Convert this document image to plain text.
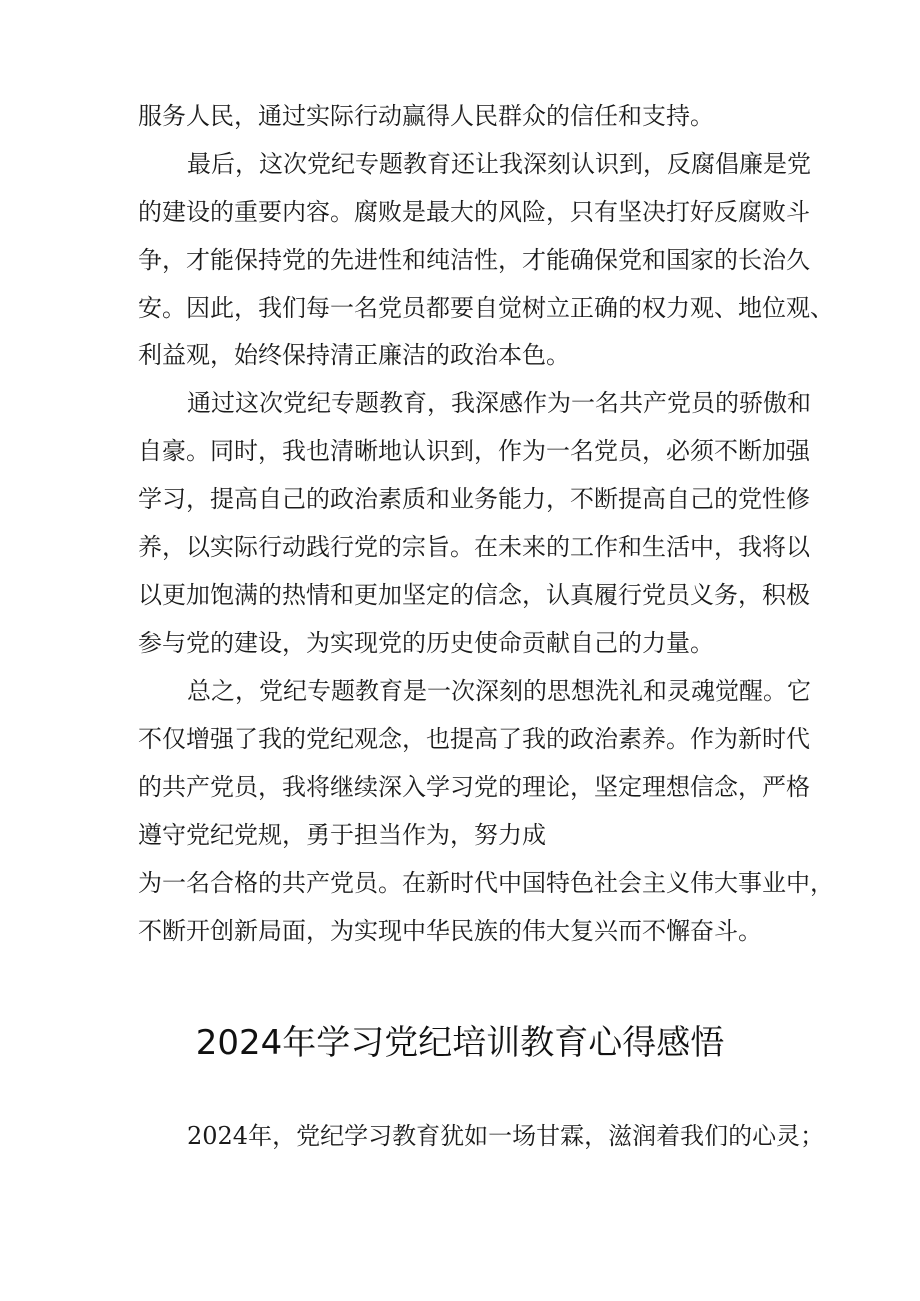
服务人民，通过实际行动赢得人民群众的信任和支持。

最后，这次党纪专题教育还让我深刻认识到，反腐倡廉是党

的建设的重要内容。腐败是最大的风险，只有坚决打好反腐败斗

争，才能保持党的先进性和纯洁性，才能确保党和国家的长治久

安。因此，我们每一名党员都要自觉树立正确的权力观、地位观、

利益观，始终保持清正廉洁的政治本色。

通过这次党纪专题教育，我深感作为一名共产党员的骄傲和

自豪。同时，我也清晰地认识到，作为一名党员，必须不断加强

学习，提高自己的政治素质和业务能力，不断提高自己的党性修

养，以实际行动践行党的宗旨。在未来的工作和生活中，我将以

以更加饱满的热情和更加坚定的信念，认真履行党员义务，积极

参与党的建设，为实现党的历史使命贡献自己的力量。

总之，党纪专题教育是一次深刻的思想洗礼和灵魂觉醒。它

不仅增强了我的党纪观念，也提高了我的政治素养。作为新时代

的共产党员，我将继续深入学习党的理论，坚定理想信念，严格

遵守党纪党规，勇于担当作为，努力成

为一名合格的共产党员。在新时代中国特色社会主义伟大事业中，

不断开创新局面，为实现中华民族的伟大复兴而不懈奋斗。

2024年学习党纪培训教育心得感悟

2024年，党纪学习教育犹如一场甘霖，滋润着我们的心灵；
